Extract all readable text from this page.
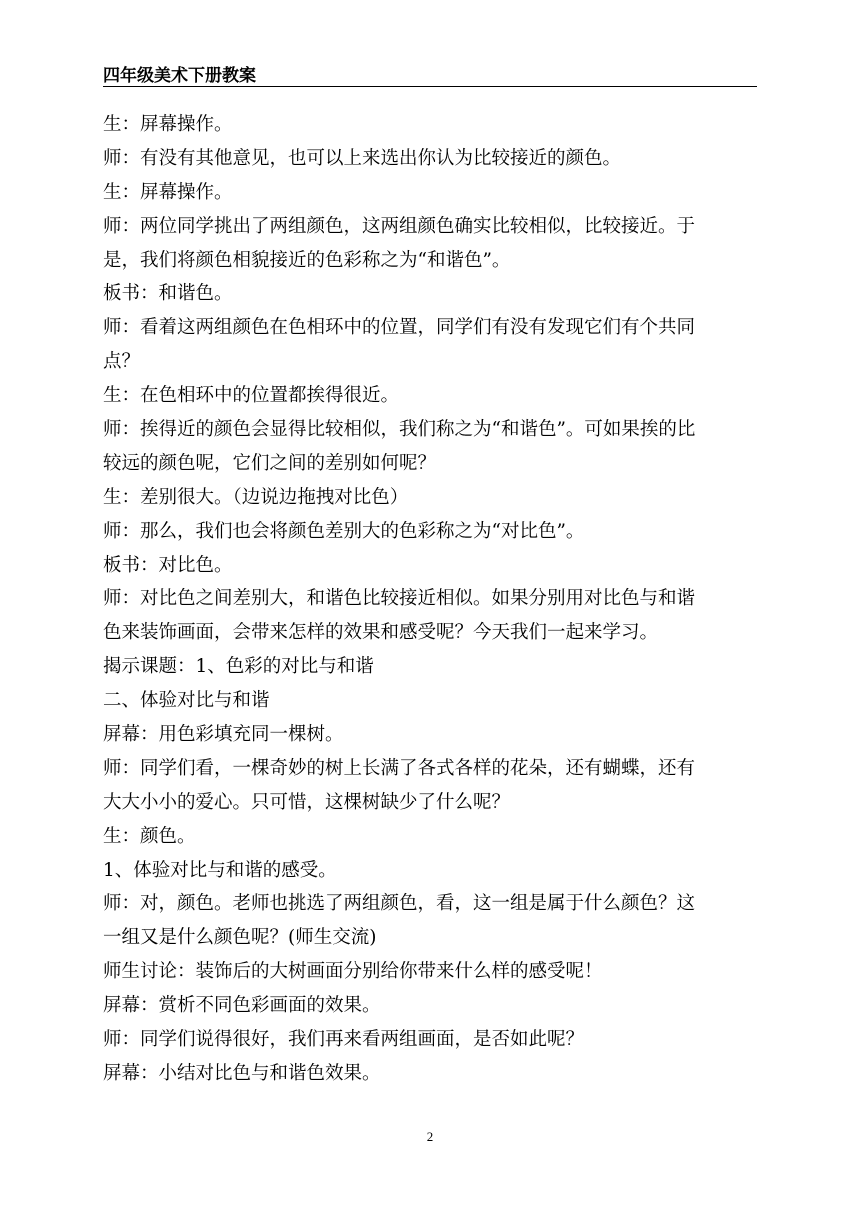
四年级美术下册教案
生：屏幕操作。
师：有没有其他意见，也可以上来选出你认为比较接近的颜色。
生：屏幕操作。
师：两位同学挑出了两组颜色，这两组颜色确实比较相似，比较接近。于
是，我们将颜色相貌接近的色彩称之为“和谐色”。
板书：和谐色。
师：看着这两组颜色在色相环中的位置，同学们有没有发现它们有个共同
点？
生：在色相环中的位置都挨得很近。
师：挨得近的颜色会显得比较相似，我们称之为“和谐色”。可如果挨的比
较远的颜色呢，它们之间的差别如何呢？
生：差别很大。（边说边拖拽对比色）
师：那么，我们也会将颜色差别大的色彩称之为“对比色”。
板书：对比色。
师：对比色之间差别大，和谐色比较接近相似。如果分别用对比色与和谐
色来装饰画面，会带来怎样的效果和感受呢？今天我们一起来学习。
揭示课题：1、色彩的对比与和谐
二、体验对比与和谐
屏幕：用色彩填充同一棵树。
师：同学们看，一棵奇妙的树上长满了各式各样的花朵，还有蝴蝶，还有
大大小小的爱心。只可惜，这棵树缺少了什么呢？
生：颜色。
1、体验对比与和谐的感受。
师：对，颜色。老师也挑选了两组颜色，看，这一组是属于什么颜色？这
一组又是什么颜色呢？(师生交流)
师生讨论：装饰后的大树画面分别给你带来什么样的感受呢！
屏幕：赏析不同色彩画面的效果。
师：同学们说得很好，我们再来看两组画面，是否如此呢？
屏幕：小结对比色与和谐色效果。
2
